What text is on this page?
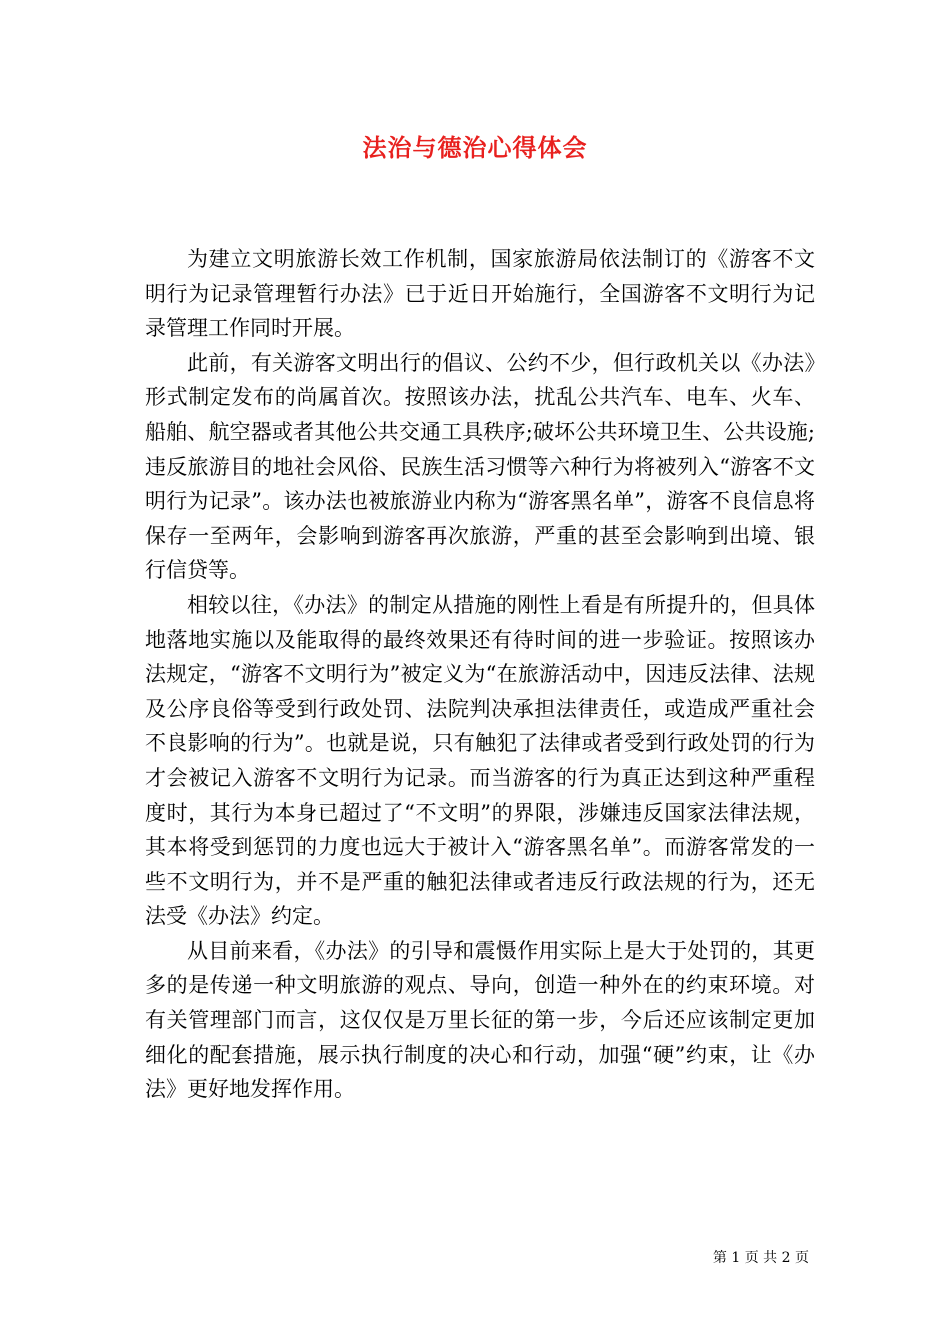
法治与德治心得体会

为建立文明旅游长效工作机制，国家旅游局依法制订的《游客不文明行为记录管理暂行办法》已于近日开始施行，全国游客不文明行为记录管理工作同时开展。

此前，有关游客文明出行的倡议、公约不少，但行政机关以《办法》形式制定发布的尚属首次。按照该办法，扰乱公共汽车、电车、火车、船舶、航空器或者其他公共交通工具秩序;破坏公共环境卫生、公共设施;违反旅游目的地社会风俗、民族生活习惯等六种行为将被列入“游客不文明行为记录”。该办法也被旅游业内称为“游客黑名单”，游客不良信息将保存一至两年，会影响到游客再次旅游，严重的甚至会影响到出境、银行信贷等。

相较以往，《办法》的制定从措施的刚性上看是有所提升的，但具体地落地实施以及能取得的最终效果还有待时间的进一步验证。按照该办法规定，“游客不文明行为”被定义为“在旅游活动中，因违反法律、法规及公序良俗等受到行政处罚、法院判决承担法律责任，或造成严重社会不良影响的行为”。也就是说，只有触犯了法律或者受到行政处罚的行为才会被记入游客不文明行为记录。而当游客的行为真正达到这种严重程度时，其行为本身已超过了“不文明”的界限，涉嫌违反国家法律法规，其本将受到惩罚的力度也远大于被计入“游客黑名单”。而游客常发的一些不文明行为，并不是严重的触犯法律或者违反行政法规的行为，还无法受《办法》约定。

从目前来看，《办法》的引导和震慑作用实际上是大于处罚的，其更多的是传递一种文明旅游的观点、导向，创造一种外在的约束环境。对有关管理部门而言，这仅仅是万里长征的第一步，今后还应该制定更加细化的配套措施，展示执行制度的决心和行动，加强“硬”约束，让《办法》更好地发挥作用。

第 1 页 共 2 页
